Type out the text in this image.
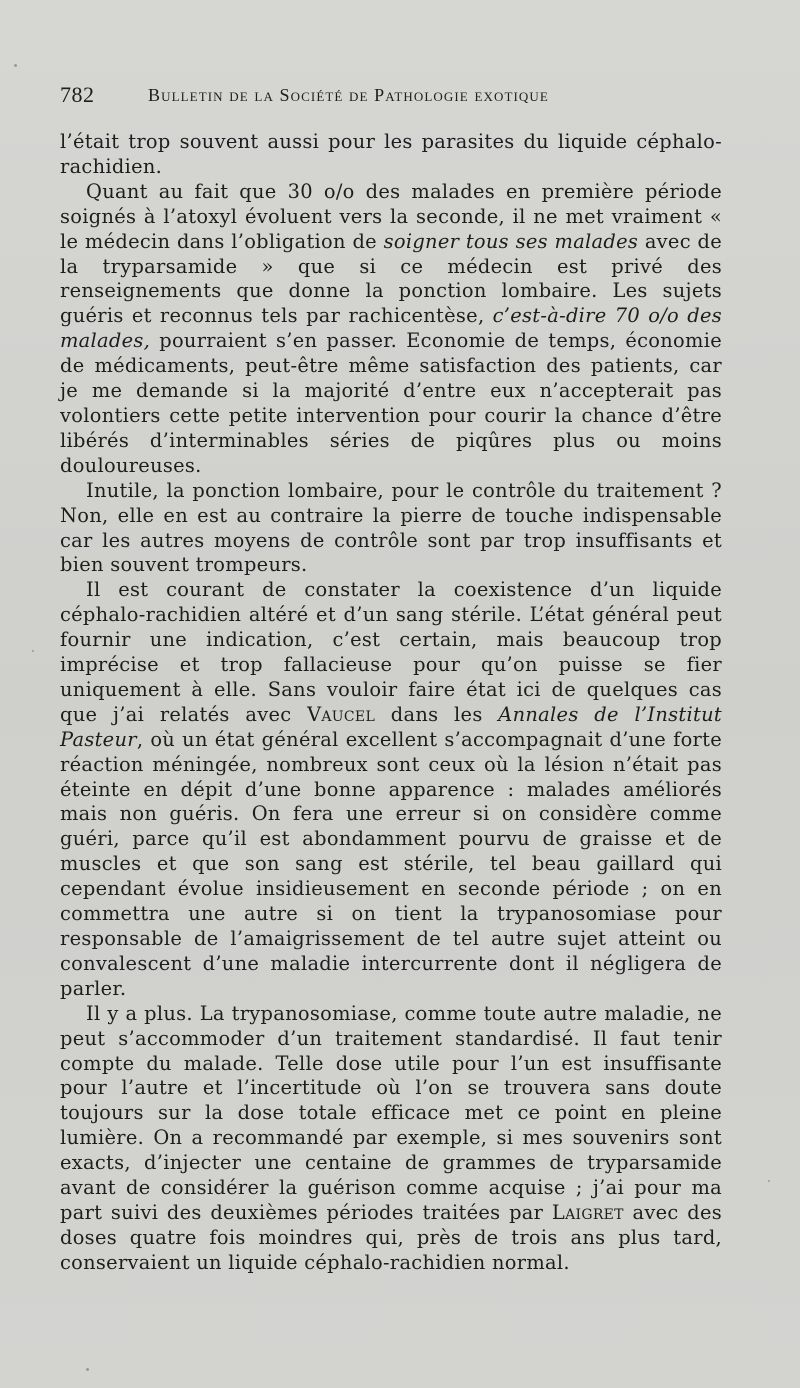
782	Bulletin de la Société de Pathologie exotique

l’était trop souvent aussi pour les parasites du liquide céphalo-rachidien.

Quant au fait que 30 o/o des malades en première période soignés à l’atoxyl évoluent vers la seconde, il ne met vraiment « le médecin dans l’obligation de soigner tous ses malades avec de la tryparsamide » que si ce médecin est privé des renseignements que donne la ponction lombaire. Les sujets guéris et reconnus tels par rachicentèse, c’est-à-dire 70 o/o des malades, pourraient s’en passer. Economie de temps, économie de médicaments, peut-être même satisfaction des patients, car je me demande si la majorité d’entre eux n’accepterait pas volontiers cette petite intervention pour courir la chance d’être libérés d’interminables séries de piqûres plus ou moins douloureuses.

Inutile, la ponction lombaire, pour le contrôle du traitement ? Non, elle en est au contraire la pierre de touche indispensable car les autres moyens de contrôle sont par trop insuffisants et bien souvent trompeurs.

Il est courant de constater la coexistence d’un liquide céphalo-rachidien altéré et d’un sang stérile. L’état général peut fournir une indication, c’est certain, mais beaucoup trop imprécise et trop fallacieuse pour qu’on puisse se fier uniquement à elle. Sans vouloir faire état ici de quelques cas que j’ai relatés avec Vaucel dans les Annales de l’Institut Pasteur, où un état général excellent s’accompagnait d’une forte réaction méningée, nombreux sont ceux où la lésion n’était pas éteinte en dépit d’une bonne apparence : malades améliorés mais non guéris. On fera une erreur si on considère comme guéri, parce qu’il est abondamment pourvu de graisse et de muscles et que son sang est stérile, tel beau gaillard qui cependant évolue insidieusement en seconde période ; on en commettra une autre si on tient la trypanosomiase pour responsable de l’amaigrissement de tel autre sujet atteint ou convalescent d’une maladie intercurrente dont il négligera de parler.

Il y a plus. La trypanosomiase, comme toute autre maladie, ne peut s’accommoder d’un traitement standardisé. Il faut tenir compte du malade. Telle dose utile pour l’un est insuffisante pour l’autre et l’incertitude où l’on se trouvera sans doute toujours sur la dose totale efficace met ce point en pleine lumière. On a recommandé par exemple, si mes souvenirs sont exacts, d’injecter une centaine de grammes de tryparsamide avant de considérer la guérison comme acquise ; j’ai pour ma part suivi des deuxièmes périodes traitées par Laigret avec des doses quatre fois moindres qui, près de trois ans plus tard, conservaient un liquide céphalo-rachidien normal.
